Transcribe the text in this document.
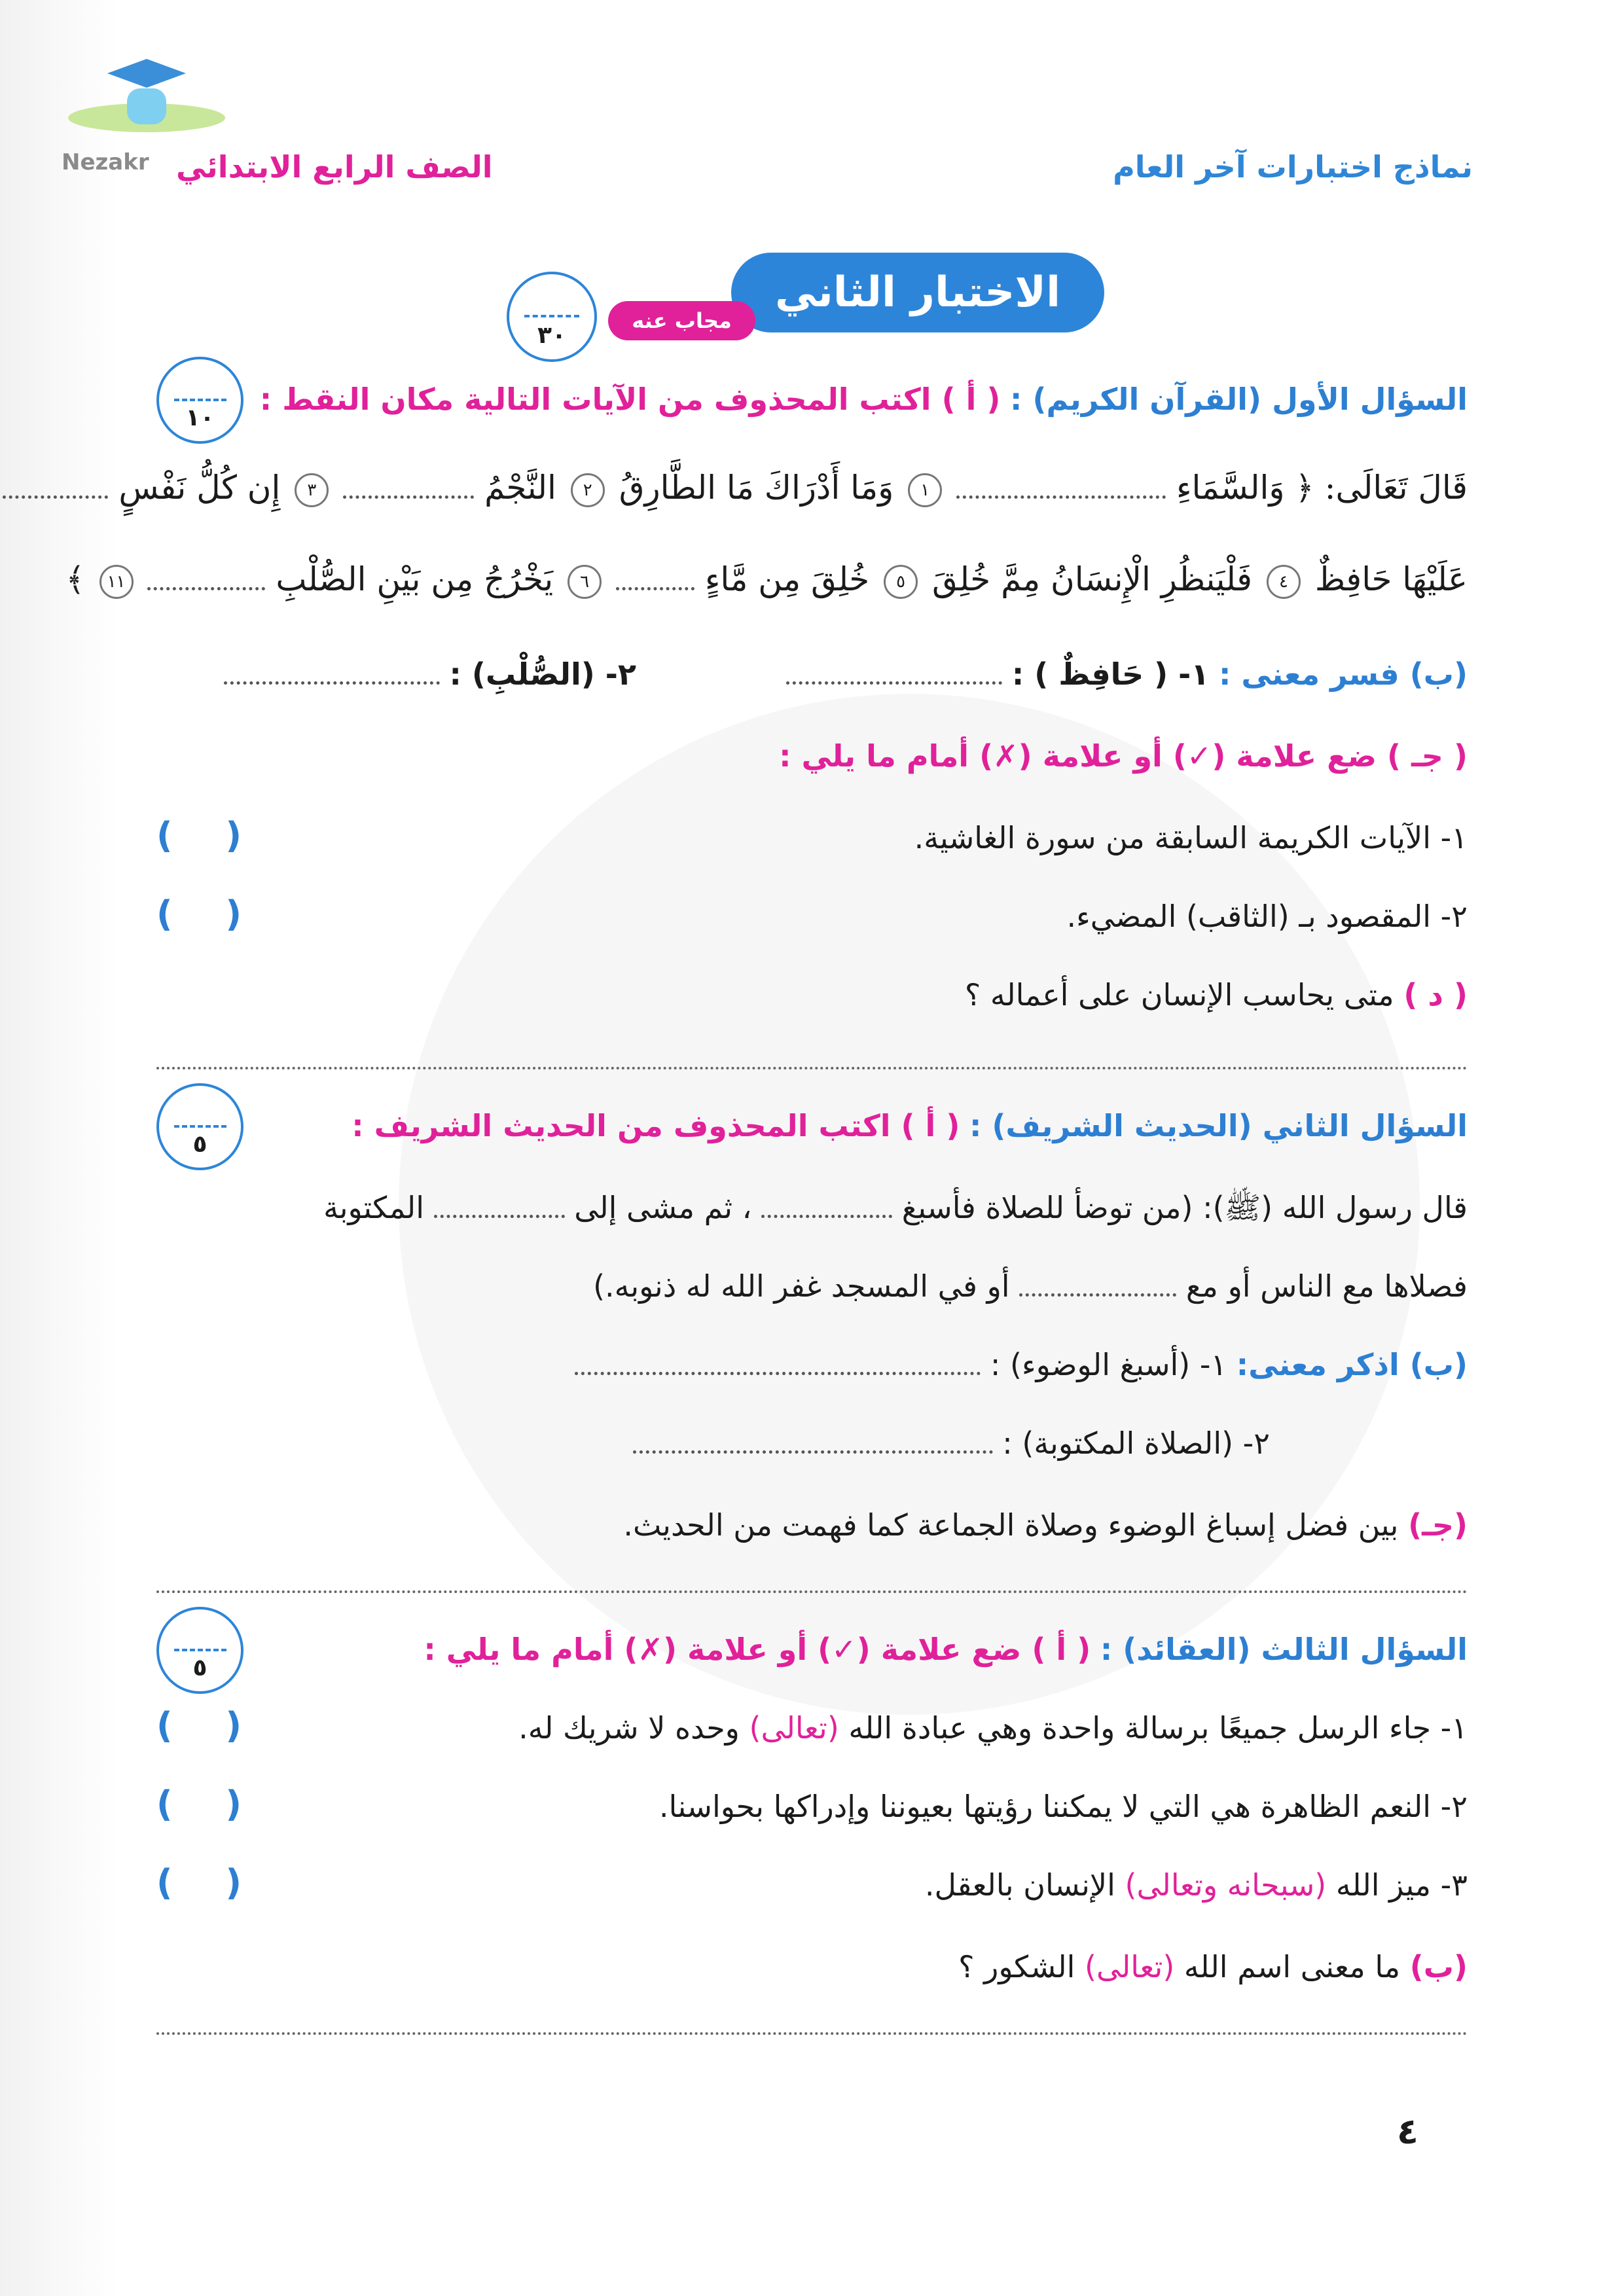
Nezakr الصف الرابع الابتدائي	نماذج اختبارات آخر العام
الاختبار الثاني
مجاب عنه
٣٠
١٠
السؤال الأول (القرآن الكريم) : ( أ ) اكتب المحذوف من الآيات التالية مكان النقط :
قَالَ تَعَالَى: ﴿ وَالسَّمَاءِ  ١ وَمَا أَدْرَاكَ مَا الطَّارِقُ ٢ النَّجْمُ  ٣ إِن كُلُّ نَفْسٍ
عَلَيْهَا حَافِظٌ ٤ فَلْيَنظُرِ الْإِنسَانُ مِمَّ خُلِقَ ٥ خُلِقَ مِن مَّاءٍ  ٦ يَخْرُجُ مِن بَيْنِ الصُّلْبِ  ١١ ﴾
(ب) فسر معنى : ١- ( حَافِظٌ ) :   ٢- (الصُّلْبِ) :
( جـ ) ضع علامة (✓) أو علامة (✗) أمام ما يلي :
١- الآيات الكريمة السابقة من سورة الغاشية.
( )
٢- المقصود بـ (الثاقب) المضيء.
( )
( د ) متى يحاسب الإنسان على أعماله ؟
٥
السؤال الثاني (الحديث الشريف) : ( أ ) اكتب المحذوف من الحديث الشريف :
قال رسول الله (ﷺ): (من توضأ للصلاة فأسبغ  ، ثم مشى إلى  المكتوبة
فصلاها مع الناس أو مع  أو في المسجد غفر الله له ذنوبه.)
(ب) اذكر معنى: ١- (أسبغ الوضوء) :
٢- (الصلاة المكتوبة) :
(جـ) بين فضل إسباغ الوضوء وصلاة الجماعة كما فهمت من الحديث.
٥
السؤال الثالث (العقائد) : ( أ ) ضع علامة (✓) أو علامة (✗) أمام ما يلي :
١- جاء الرسل جميعًا برسالة واحدة وهي عبادة الله (تعالى) وحده لا شريك له.
( )
٢- النعم الظاهرة هي التي لا يمكننا رؤيتها بعيوننا وإدراكها بحواسنا.
( )
٣- ميز الله (سبحانه وتعالى) الإنسان بالعقل.
( )
(ب) ما معنى اسم الله (تعالى) الشكور ؟
٤
